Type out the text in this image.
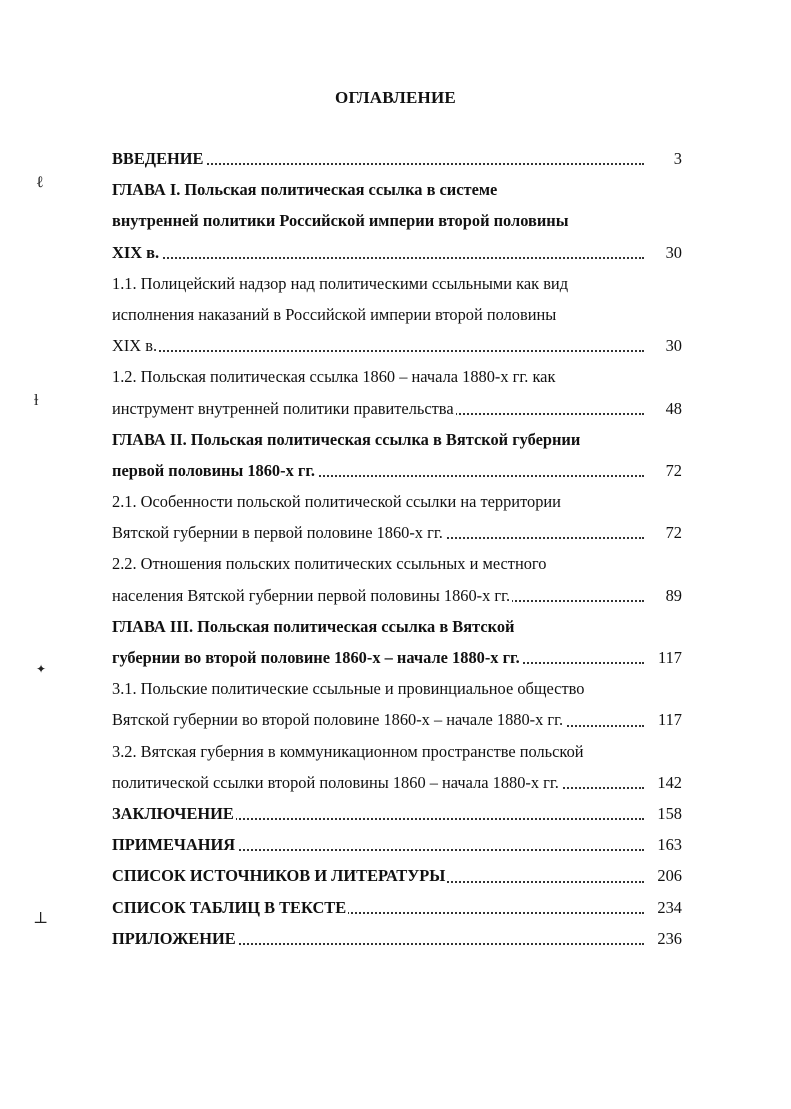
ОГЛАВЛЕНИЕ
ВВЕДЕНИЕ	3
ГЛАВА I. Польская политическая ссылка в системе
внутренней политики Российской империи второй половины
XIX в.	30
1.1. Полицейский надзор над политическими ссыльными как вид
исполнения наказаний в Российской империи второй половины
XIX в.	30
1.2. Польская политическая ссылка 1860 – начала 1880-х гг. как
инструмент внутренней политики правительства	48
ГЛАВА II. Польская политическая ссылка в Вятской губернии
первой половины 1860-х гг.	72
2.1. Особенности польской политической ссылки на территории
Вятской губернии в первой половине 1860-х гг.	72
2.2. Отношения польских политических ссыльных и местного
населения Вятской губернии первой половины 1860-х гг.	89
ГЛАВА III. Польская политическая ссылка в Вятской
губернии во второй половине 1860-х – начале 1880-х гг.	117
3.1. Польские политические ссыльные и провинциальное общество
Вятской губернии во второй половине 1860-х – начале 1880-х гг.	117
3.2. Вятская губерния в коммуникационном пространстве польской
политической ссылки второй половины 1860 – начала 1880-х гг.	142
ЗАКЛЮЧЕНИЕ	158
ПРИМЕЧАНИЯ	163
СПИСОК ИСТОЧНИКОВ И ЛИТЕРАТУРЫ	206
СПИСОК ТАБЛИЦ В ТЕКСТЕ	234
ПРИЛОЖЕНИЕ	236
ℓ
ɫ
✦
⊥
